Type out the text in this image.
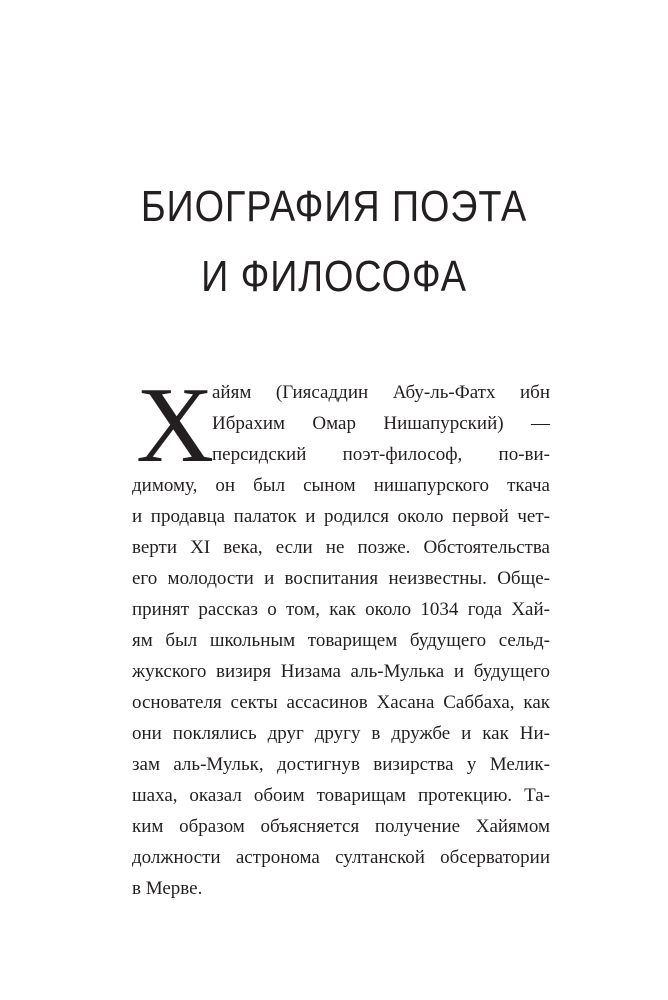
БИОГРАФИЯ ПОЭТА
И ФИЛОСОФА
Х
айям (Гиясаддин Абу-ль-Фатх ибн
Ибрахим Омар Нишапурский) —
персидский поэт-философ, по-ви-
димому, он был сыном нишапурского ткача
и продавца палаток и родился около первой чет-
верти XI века, если не позже. Обстоятельства
его молодости и воспитания неизвестны. Обще-
принят рассказ о том, как около 1034 года Хай-
ям был школьным товарищем будущего сельд-
жукского визиря Низама аль-Мулька и будущего
основателя секты ассасинов Хасана Саббаха, как
они поклялись друг другу в дружбе и как Ни-
зам аль-Мульк, достигнув визирства у Мелик-
шаха, оказал обоим товарищам протекцию. Та-
ким образом объясняется получение Хайямом
должности астронома султанской обсерватории
в Мерве.
